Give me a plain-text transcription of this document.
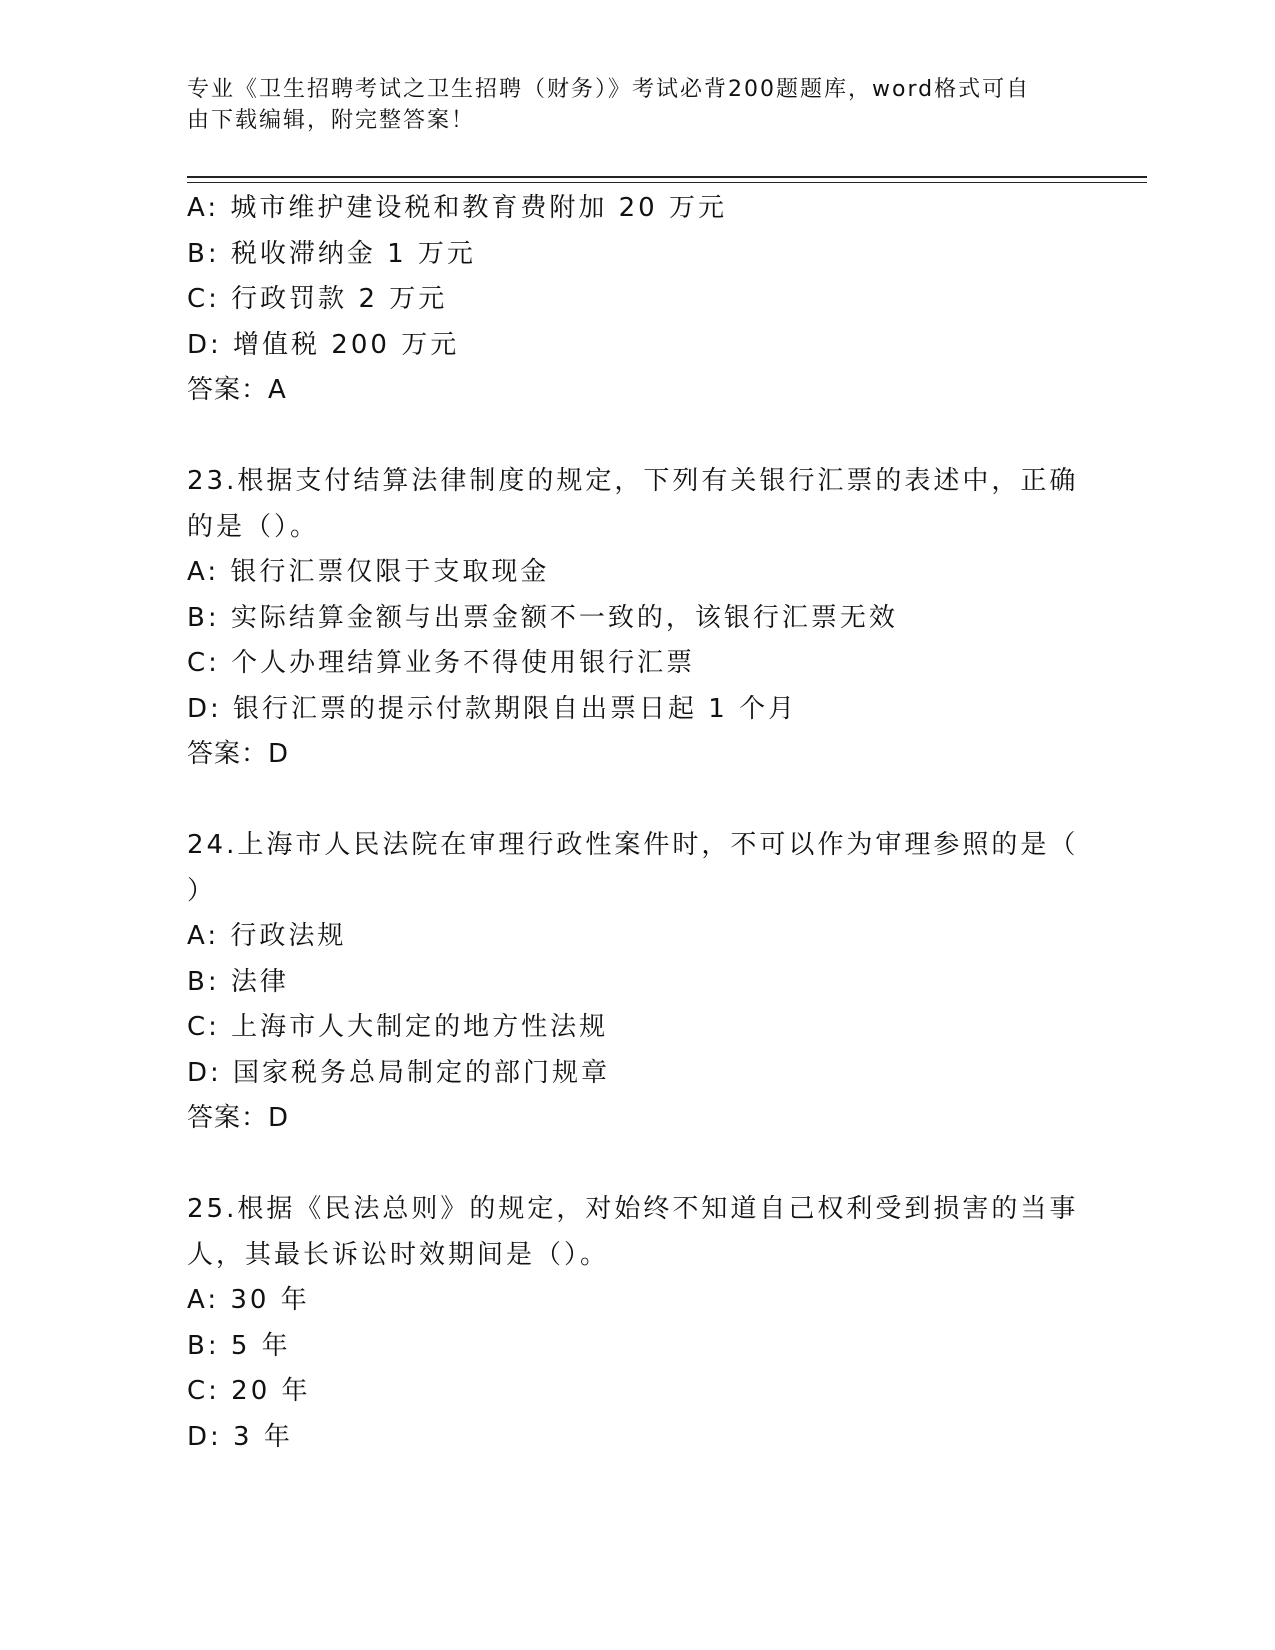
专业《卫生招聘考试之卫生招聘（财务）》考试必背200题题库，word格式可自
由下载编辑，附完整答案！
A: 城市维护建设税和教育费附加 20 万元
B: 税收滞纳金 1 万元
C: 行政罚款 2 万元
D: 增值税 200 万元
答案：A
23.根据支付结算法律制度的规定，下列有关银行汇票的表述中，正确
的是（）。
A: 银行汇票仅限于支取现金
B: 实际结算金额与出票金额不一致的，该银行汇票无效
C: 个人办理结算业务不得使用银行汇票
D: 银行汇票的提示付款期限自出票日起 1 个月
答案：D
24.上海市人民法院在审理行政性案件时，不可以作为审理参照的是（
）
A: 行政法规
B: 法律
C: 上海市人大制定的地方性法规
D: 国家税务总局制定的部门规章
答案：D
25.根据《民法总则》的规定，对始终不知道自己权利受到损害的当事
人，其最长诉讼时效期间是（）。
A: 30 年
B: 5 年
C: 20 年
D: 3 年
